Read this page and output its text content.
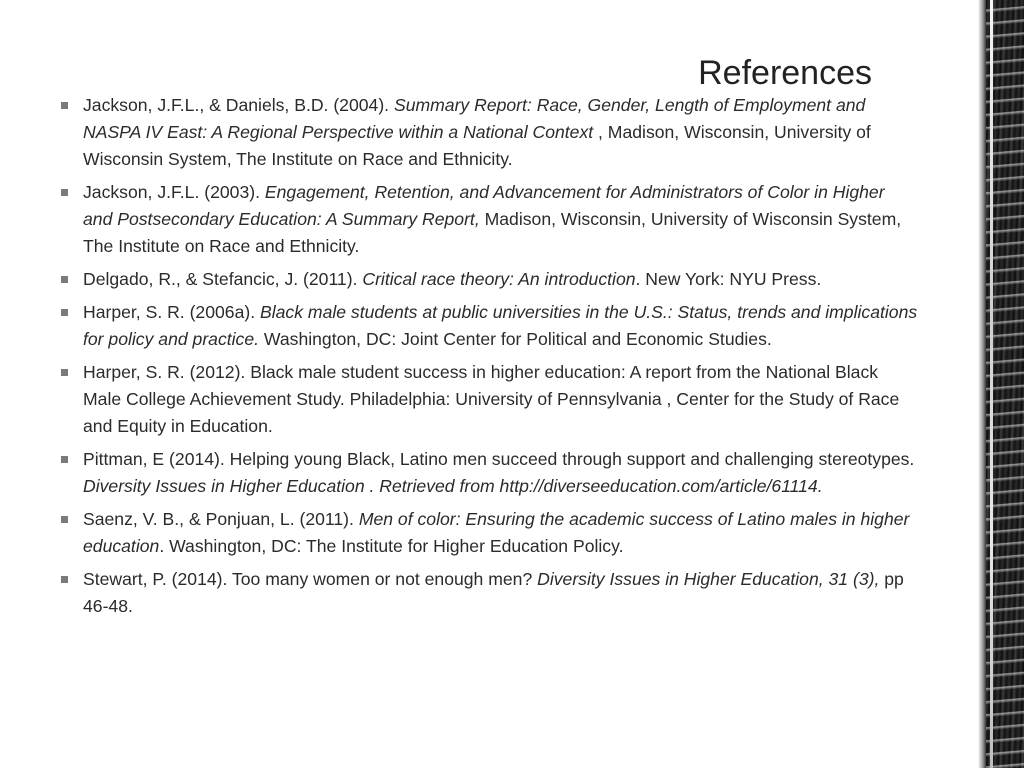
References
Jackson, J.F.L., & Daniels, B.D. (2004). Summary Report: Race, Gender, Length of Employment and NASPA IV East: A Regional Perspective within a National Context , Madison, Wisconsin, University of Wisconsin System, The Institute on Race and Ethnicity.
Jackson, J.F.L. (2003). Engagement, Retention, and Advancement for Administrators of Color in Higher and Postsecondary Education: A Summary Report, Madison, Wisconsin, University of Wisconsin System, The Institute on Race and Ethnicity.
Delgado, R., & Stefancic, J. (2011). Critical race theory: An introduction. New York: NYU Press.
Harper, S. R. (2006a). Black male students at public universities in the U.S.: Status, trends and implications for policy and practice. Washington, DC: Joint Center for Political and Economic Studies.
Harper, S. R. (2012). Black male student success in higher education: A report from the National Black Male College Achievement Study. Philadelphia: University of Pennsylvania , Center for the Study of Race and Equity in Education.
Pittman, E (2014). Helping young Black, Latino men succeed through support and challenging stereotypes. Diversity Issues in Higher Education . Retrieved from http://diverseeducation.com/article/61114.
Saenz, V. B., & Ponjuan, L. (2011). Men of color: Ensuring the academic success of Latino males in higher education. Washington, DC: The Institute for Higher Education Policy.
Stewart, P. (2014). Too many women or not enough men? Diversity Issues in Higher Education, 31 (3), pp 46-48.
